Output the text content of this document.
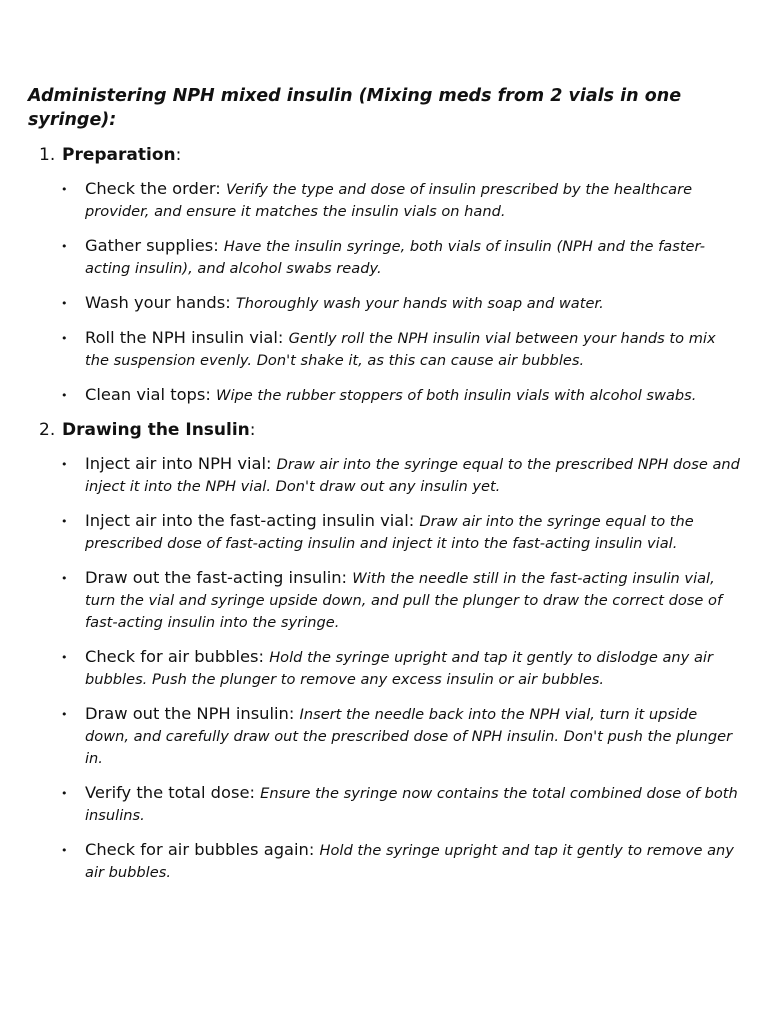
Administering NPH mixed insulin (Mixing meds from 2 vials in one syringe):
1. Preparation:
• Check the order: Verify the type and dose of insulin prescribed by the healthcare provider, and ensure it matches the insulin vials on hand.
• Gather supplies: Have the insulin syringe, both vials of insulin (NPH and the faster-acting insulin), and alcohol swabs ready.
• Wash your hands: Thoroughly wash your hands with soap and water.
• Roll the NPH insulin vial: Gently roll the NPH insulin vial between your hands to mix the suspension evenly. Don't shake it, as this can cause air bubbles.
• Clean vial tops: Wipe the rubber stoppers of both insulin vials with alcohol swabs.
2. Drawing the Insulin:
• Inject air into NPH vial: Draw air into the syringe equal to the prescribed NPH dose and inject it into the NPH vial. Don't draw out any insulin yet.
• Inject air into the fast-acting insulin vial: Draw air into the syringe equal to the prescribed dose of fast-acting insulin and inject it into the fast-acting insulin vial.
• Draw out the fast-acting insulin: With the needle still in the fast-acting insulin vial, turn the vial and syringe upside down, and pull the plunger to draw the correct dose of fast-acting insulin into the syringe.
• Check for air bubbles: Hold the syringe upright and tap it gently to dislodge any air bubbles. Push the plunger to remove any excess insulin or air bubbles.
• Draw out the NPH insulin: Insert the needle back into the NPH vial, turn it upside down, and carefully draw out the prescribed dose of NPH insulin. Don't push the plunger in.
• Verify the total dose: Ensure the syringe now contains the total combined dose of both insulins.
• Check for air bubbles again: Hold the syringe upright and tap it gently to remove any air bubbles.
